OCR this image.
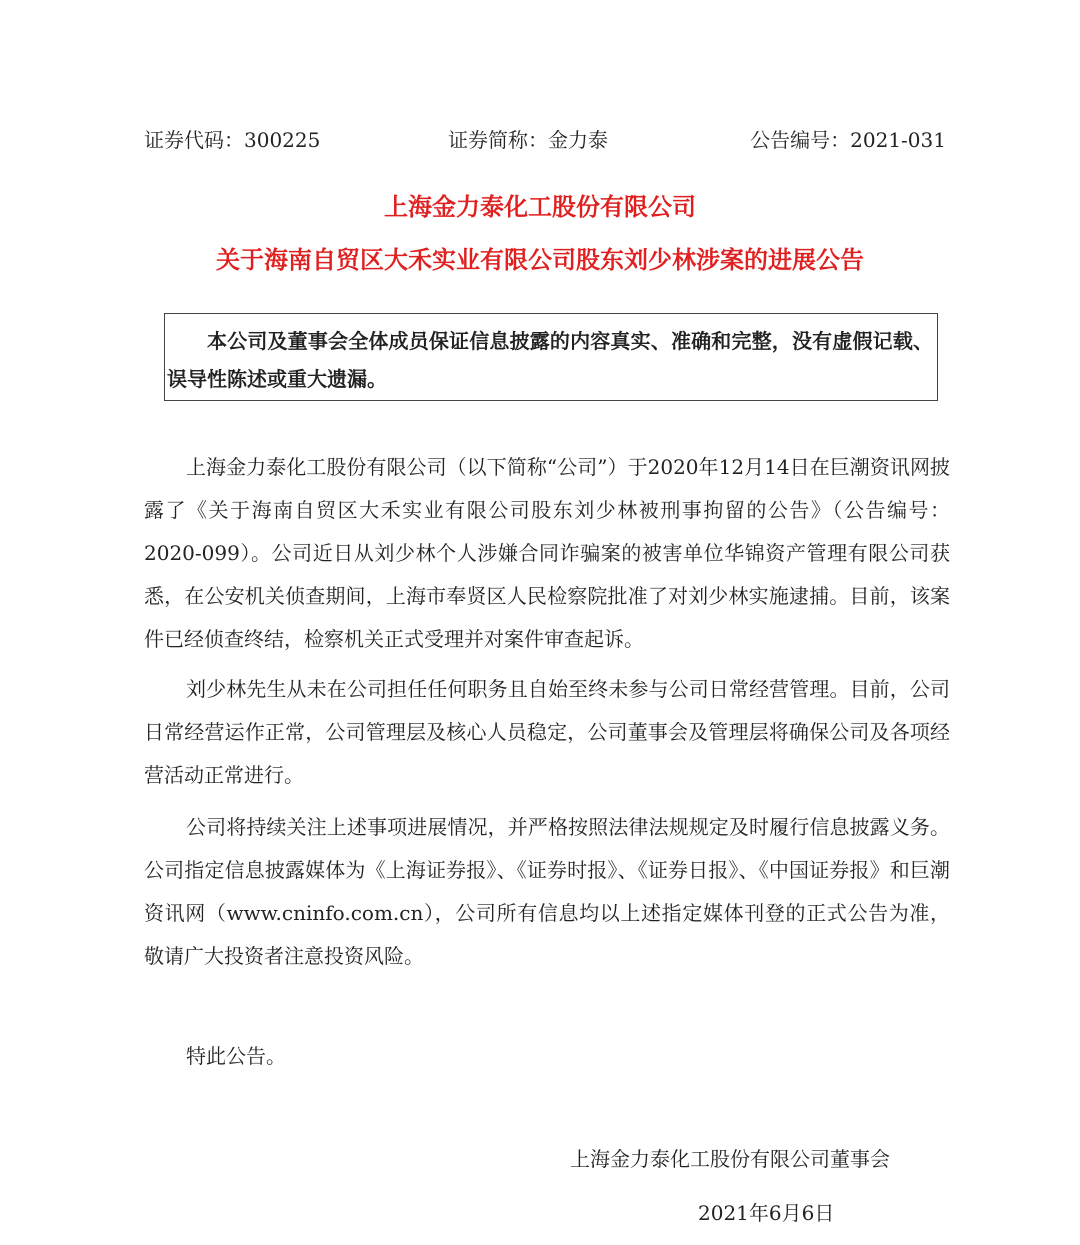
证券代码：300225	证券简称：金力泰	公告编号：2021-031
上海金力泰化工股份有限公司
关于海南自贸区大禾实业有限公司股东刘少林涉案的进展公告
本公司及董事会全体成员保证信息披露的内容真实、准确和完整，没有虚假记载、误导性陈述或重大遗漏。

上海金力泰化工股份有限公司（以下简称“公司”）于2020年12月14日在巨潮资讯网披露了《关于海南自贸区大禾实业有限公司股东刘少林被刑事拘留的公告》（公告编号：2020-099）。公司近日从刘少林个人涉嫌合同诈骗案的被害单位华锦资产管理有限公司获悉，在公安机关侦查期间，上海市奉贤区人民检察院批准了对刘少林实施逮捕。目前，该案件已经侦查终结，检察机关正式受理并对案件审查起诉。

刘少林先生从未在公司担任任何职务且自始至终未参与公司日常经营管理。目前，公司日常经营运作正常，公司管理层及核心人员稳定，公司董事会及管理层将确保公司及各项经营活动正常进行。

公司将持续关注上述事项进展情况，并严格按照法律法规规定及时履行信息披露义务。公司指定信息披露媒体为《上海证券报》、《证券时报》、《证券日报》、《中国证券报》和巨潮资讯网（www.cninfo.com.cn），公司所有信息均以上述指定媒体刊登的正式公告为准，敬请广大投资者注意投资风险。

特此公告。
上海金力泰化工股份有限公司董事会
2021年6月6日
